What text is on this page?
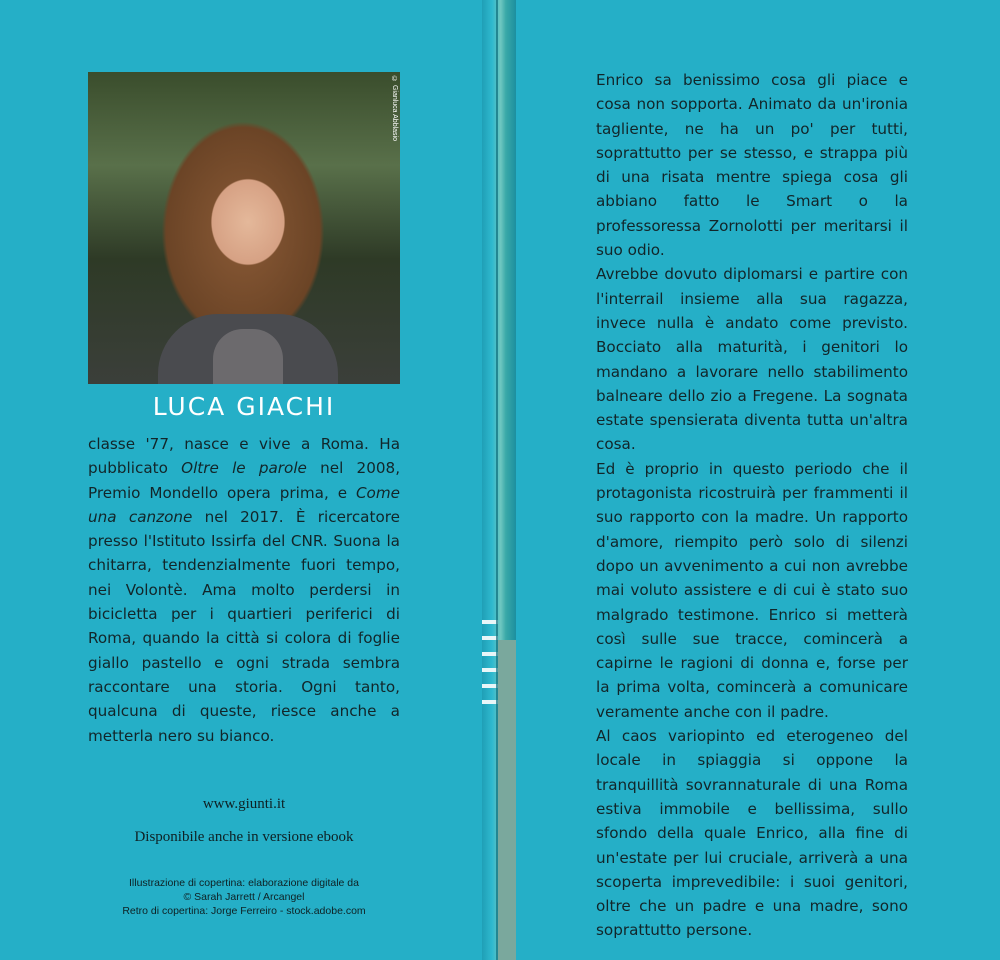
© Gianluca Abblasio
LUCA GIACHI
classe '77, nasce e vive a Roma. Ha pubblicato Oltre le parole nel 2008, Premio Mondello opera prima, e Come una canzone nel 2017. È ricercatore presso l'Istituto Issirfa del CNR. Suona la chitarra, tendenzialmente fuori tempo, nei Volontè. Ama molto perdersi in bicicletta per i quartieri periferici di Roma, quando la città si colora di foglie giallo pastello e ogni strada sembra raccontare una storia. Ogni tanto, qualcuna di queste, riesce anche a metterla nero su bianco.
www.giunti.it
Disponibile anche in versione ebook
Illustrazione di copertina: elaborazione digitale da
© Sarah Jarrett / Arcangel
Retro di copertina: Jorge Ferreiro - stock.adobe.com

Enrico sa benissimo cosa gli piace e cosa non sopporta. Animato da un'ironia tagliente, ne ha un po' per tutti, soprattutto per se stesso, e strappa più di una risata mentre spiega cosa gli abbiano fatto le Smart o la professoressa Zornolotti per meritarsi il suo odio.

Avrebbe dovuto diplomarsi e partire con l'interrail insieme alla sua ragazza, invece nulla è andato come previsto. Bocciato alla maturità, i genitori lo mandano a lavorare nello stabilimento balneare dello zio a Fregene. La sognata estate spensierata diventa tutta un'altra cosa.

Ed è proprio in questo periodo che il protagonista ricostruirà per frammenti il suo rapporto con la madre. Un rapporto d'amore, riempito però solo di silenzi dopo un avvenimento a cui non avrebbe mai voluto assistere e di cui è stato suo malgrado testimone. Enrico si metterà così sulle sue tracce, comincerà a capirne le ragioni di donna e, forse per la prima volta, comincerà a comunicare veramente anche con il padre.

Al caos variopinto ed eterogeneo del locale in spiaggia si oppone la tranquillità sovrannaturale di una Roma estiva immobile e bellissima, sullo sfondo della quale Enrico, alla fine di un'estate per lui cruciale, arriverà a una scoperta imprevedibile: i suoi genitori, oltre che un padre e una madre, sono soprattutto persone.
